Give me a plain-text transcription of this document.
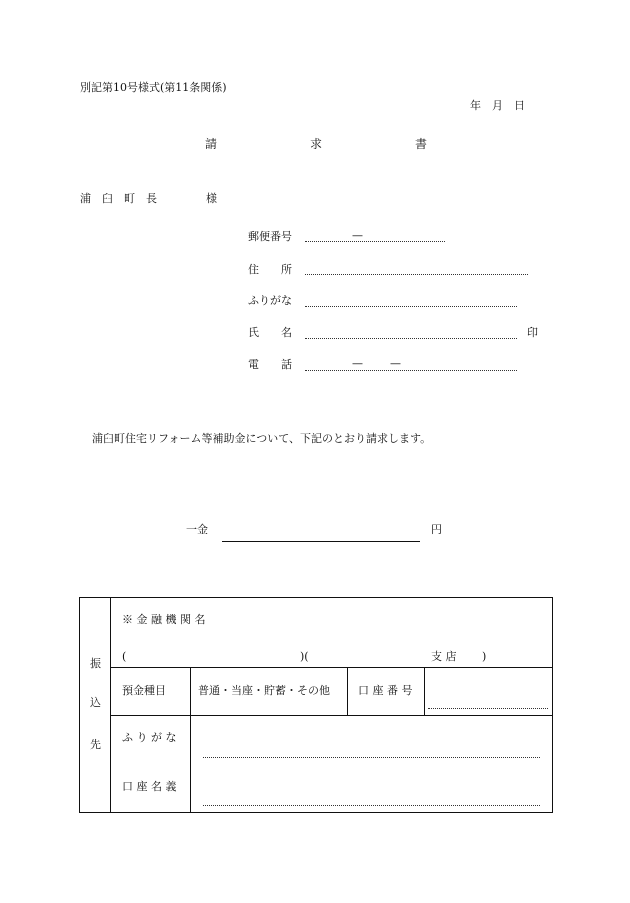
別記第10号様式(第11条関係)
年　月　日
請	求	書
浦　臼　町　長	様
郵便番号	—
住　　所
ふりがな
氏　　名	印
電　　話	— —
浦臼町住宅リフォーム等補助金について、下記のとおり請求します。
一金	円
振
込
先
※ 金 融 機 関 名
(	)(	支 店 )
預金種目	普通・当座・貯蓄・その他	口 座 番 号
ふ り が な
口 座 名 義
